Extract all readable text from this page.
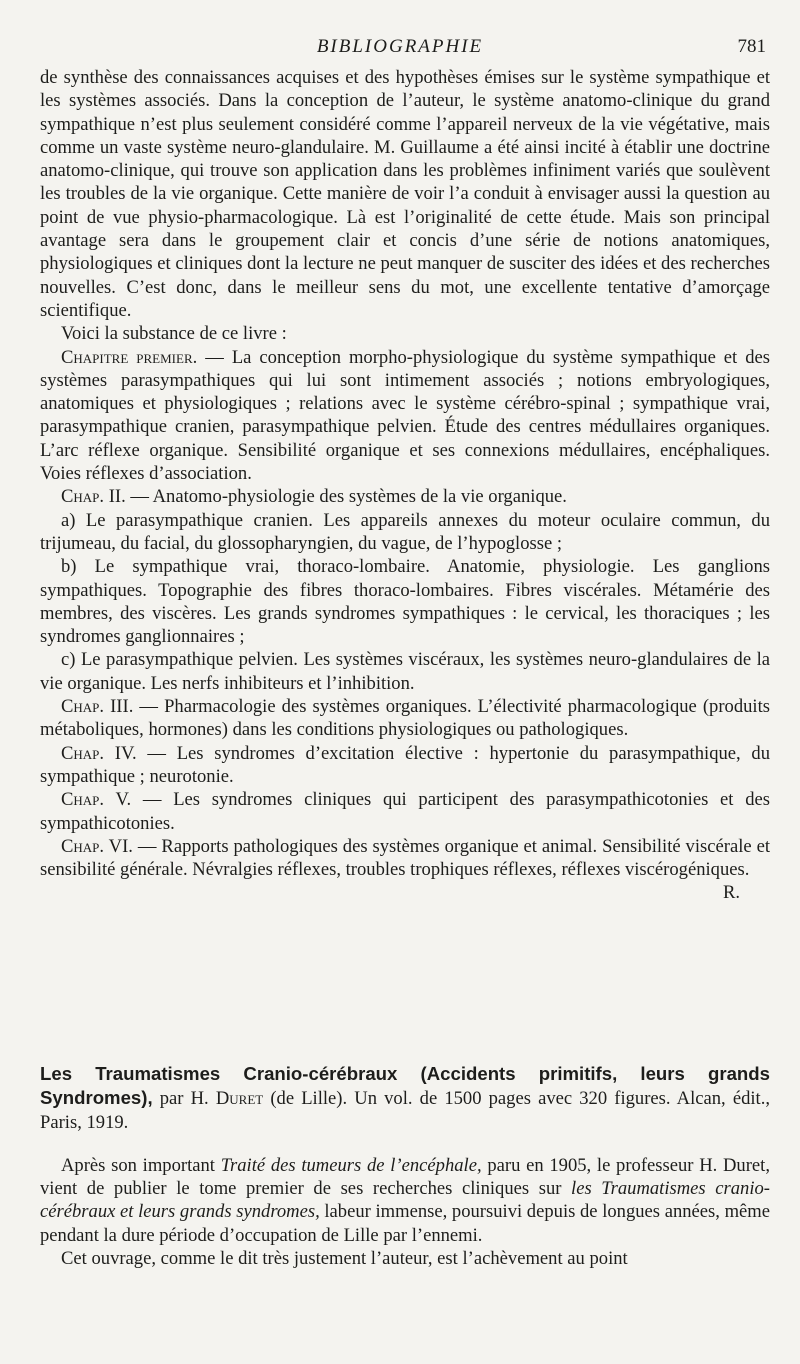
BIBLIOGRAPHIE	781

de synthèse des connaissances acquises et des hypothèses émises sur le système sympathique et les systèmes associés. Dans la conception de l’auteur, le système anatomo-clinique du grand sympathique n’est plus seulement considéré comme l’appareil nerveux de la vie végétative, mais comme un vaste système neuro-glandulaire. M. Guillaume a été ainsi incité à établir une doctrine anatomo-clinique, qui trouve son application dans les problèmes infiniment variés que soulèvent les troubles de la vie organique. Cette manière de voir l’a conduit à envisager aussi la question au point de vue physio-pharmacologique. Là est l’originalité de cette étude. Mais son principal avantage sera dans le groupement clair et concis d’une série de notions anatomiques, physiologiques et cliniques dont la lecture ne peut manquer de susciter des idées et des recherches nouvelles. C’est donc, dans le meilleur sens du mot, une excellente tentative d’amorçage scientifique.

Voici la substance de ce livre :

Chapitre premier. — La conception morpho-physiologique du système sympathique et des systèmes parasympathiques qui lui sont intimement associés ; notions embryologiques, anatomiques et physiologiques ; relations avec le système cérébro-spinal ; sympathique vrai, parasympathique cranien, parasympathique pelvien. Étude des centres médullaires organiques. L’arc réflexe organique. Sensibilité organique et ses connexions médullaires, encéphaliques. Voies réflexes d’association.

Chap. II. — Anatomo-physiologie des systèmes de la vie organique.

a) Le parasympathique cranien. Les appareils annexes du moteur oculaire commun, du trijumeau, du facial, du glossopharyngien, du vague, de l’hypoglosse ;

b) Le sympathique vrai, thoraco-lombaire. Anatomie, physiologie. Les ganglions sympathiques. Topographie des fibres thoraco-lombaires. Fibres viscérales. Métamérie des membres, des viscères. Les grands syndromes sympathiques : le cervical, les thoraciques ; les syndromes ganglionnaires ;

c) Le parasympathique pelvien. Les systèmes viscéraux, les systèmes neuro-glandulaires de la vie organique. Les nerfs inhibiteurs et l’inhibition.

Chap. III. — Pharmacologie des systèmes organiques. L’électivité pharmacologique (produits métaboliques, hormones) dans les conditions physiologiques ou pathologiques.

Chap. IV. — Les syndromes d’excitation élective : hypertonie du parasympathique, du sympathique ; neurotonie.

Chap. V. — Les syndromes cliniques qui participent des parasympathicotonies et des sympathicotonies.

Chap. VI. — Rapports pathologiques des systèmes organique et animal. Sensibilité viscérale et sensibilité générale. Névralgies réflexes, troubles trophiques réflexes, réflexes viscérogéniques.
R.

Les Traumatismes Cranio-cérébraux (Accidents primitifs, leurs grands Syndromes), par H. Duret (de Lille). Un vol. de 1500 pages avec 320 figures. Alcan, édit., Paris, 1919.

Après son important Traité des tumeurs de l’encéphale, paru en 1905, le professeur H. Duret, vient de publier le tome premier de ses recherches cliniques sur les Traumatismes cranio-cérébraux et leurs grands syndromes, labeur immense, poursuivi depuis de longues années, même pendant la dure période d’occupation de Lille par l’ennemi.

Cet ouvrage, comme le dit très justement l’auteur, est l’achèvement au point
